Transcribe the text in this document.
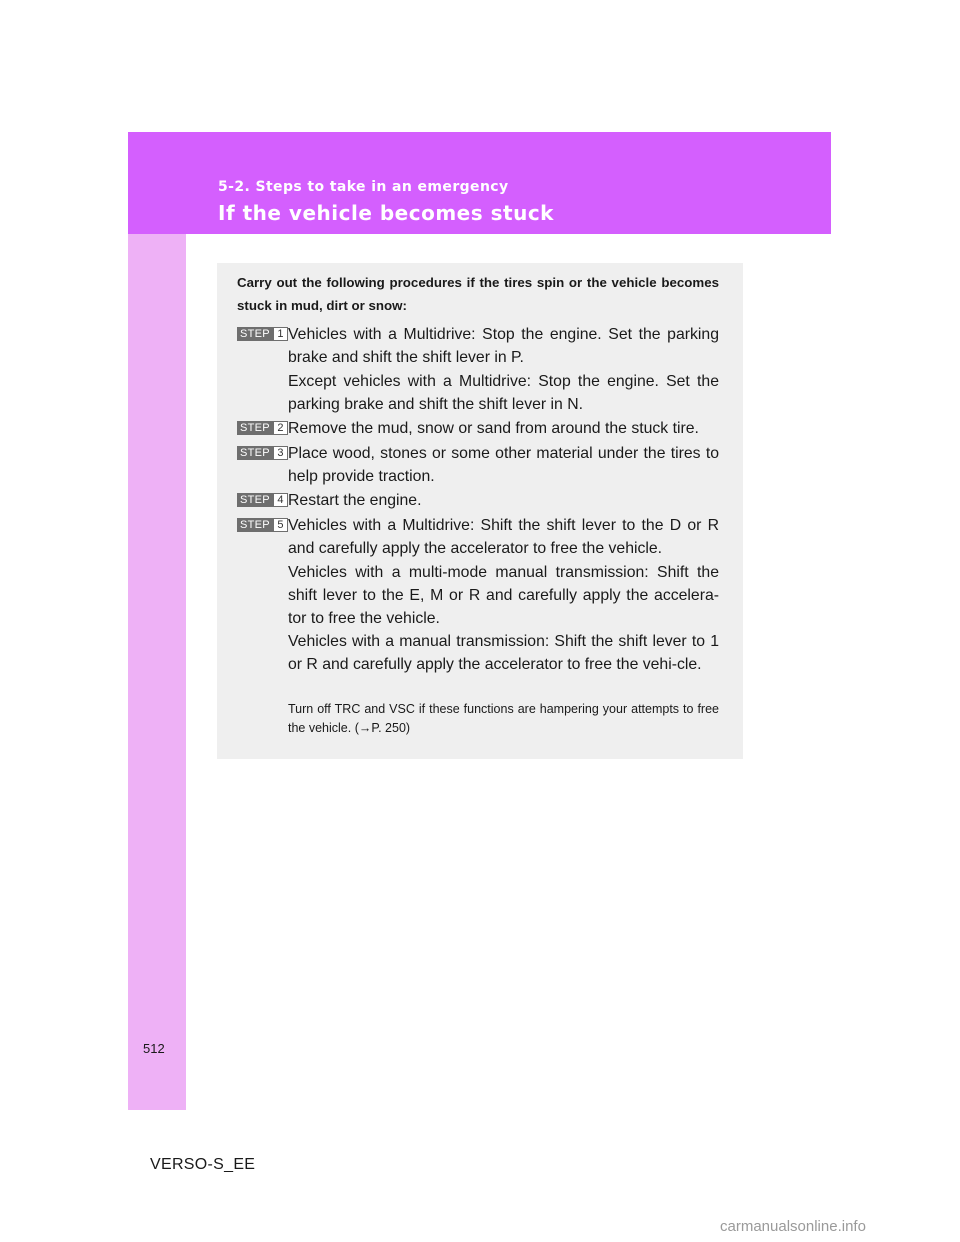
5-2. Steps to take in an emergency
If the vehicle becomes stuck
Carry out the following procedures if the tires spin or the vehicle becomes stuck in mud, dirt or snow:
STEP 1 Vehicles with a Multidrive: Stop the engine. Set the parking brake and shift the shift lever in P.
Except vehicles with a Multidrive: Stop the engine. Set the parking brake and shift the shift lever in N.
STEP 2 Remove the mud, snow or sand from around the stuck tire.
STEP 3 Place wood, stones or some other material under the tires to help provide traction.
STEP 4 Restart the engine.
STEP 5 Vehicles with a Multidrive: Shift the shift lever to the D or R and carefully apply the accelerator to free the vehicle.
Vehicles with a multi-mode manual transmission: Shift the shift lever to the E, M or R and carefully apply the accelera-tor to free the vehicle.
Vehicles with a manual transmission: Shift the shift lever to 1 or R and carefully apply the accelerator to free the vehi-cle.
Turn off TRC and VSC if these functions are hampering your attempts to free the vehicle. (→P. 250)
512
VERSO-S_EE
carmanualsonline.info
